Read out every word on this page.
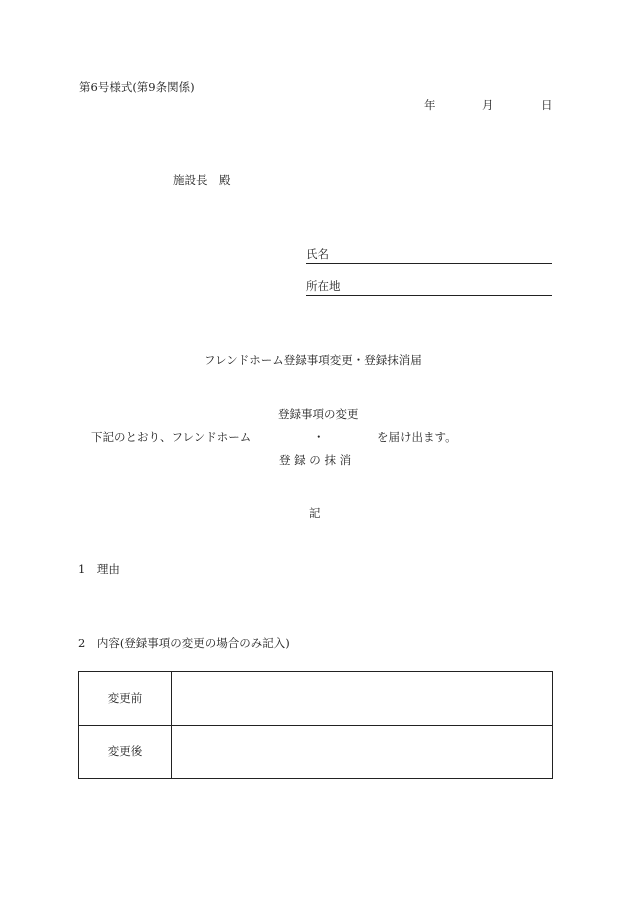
第6号様式(第9条関係)
年	月	日
施設長　殿
氏名
所在地
フレンドホーム登録事項変更・登録抹消届
登録事項の変更
下記のとおり、フレンドホーム	・	を届け出ます。
登 録 の 抹 消
記
1　理由
2　内容(登録事項の変更の場合のみ記入)
変更前	
変更後	
